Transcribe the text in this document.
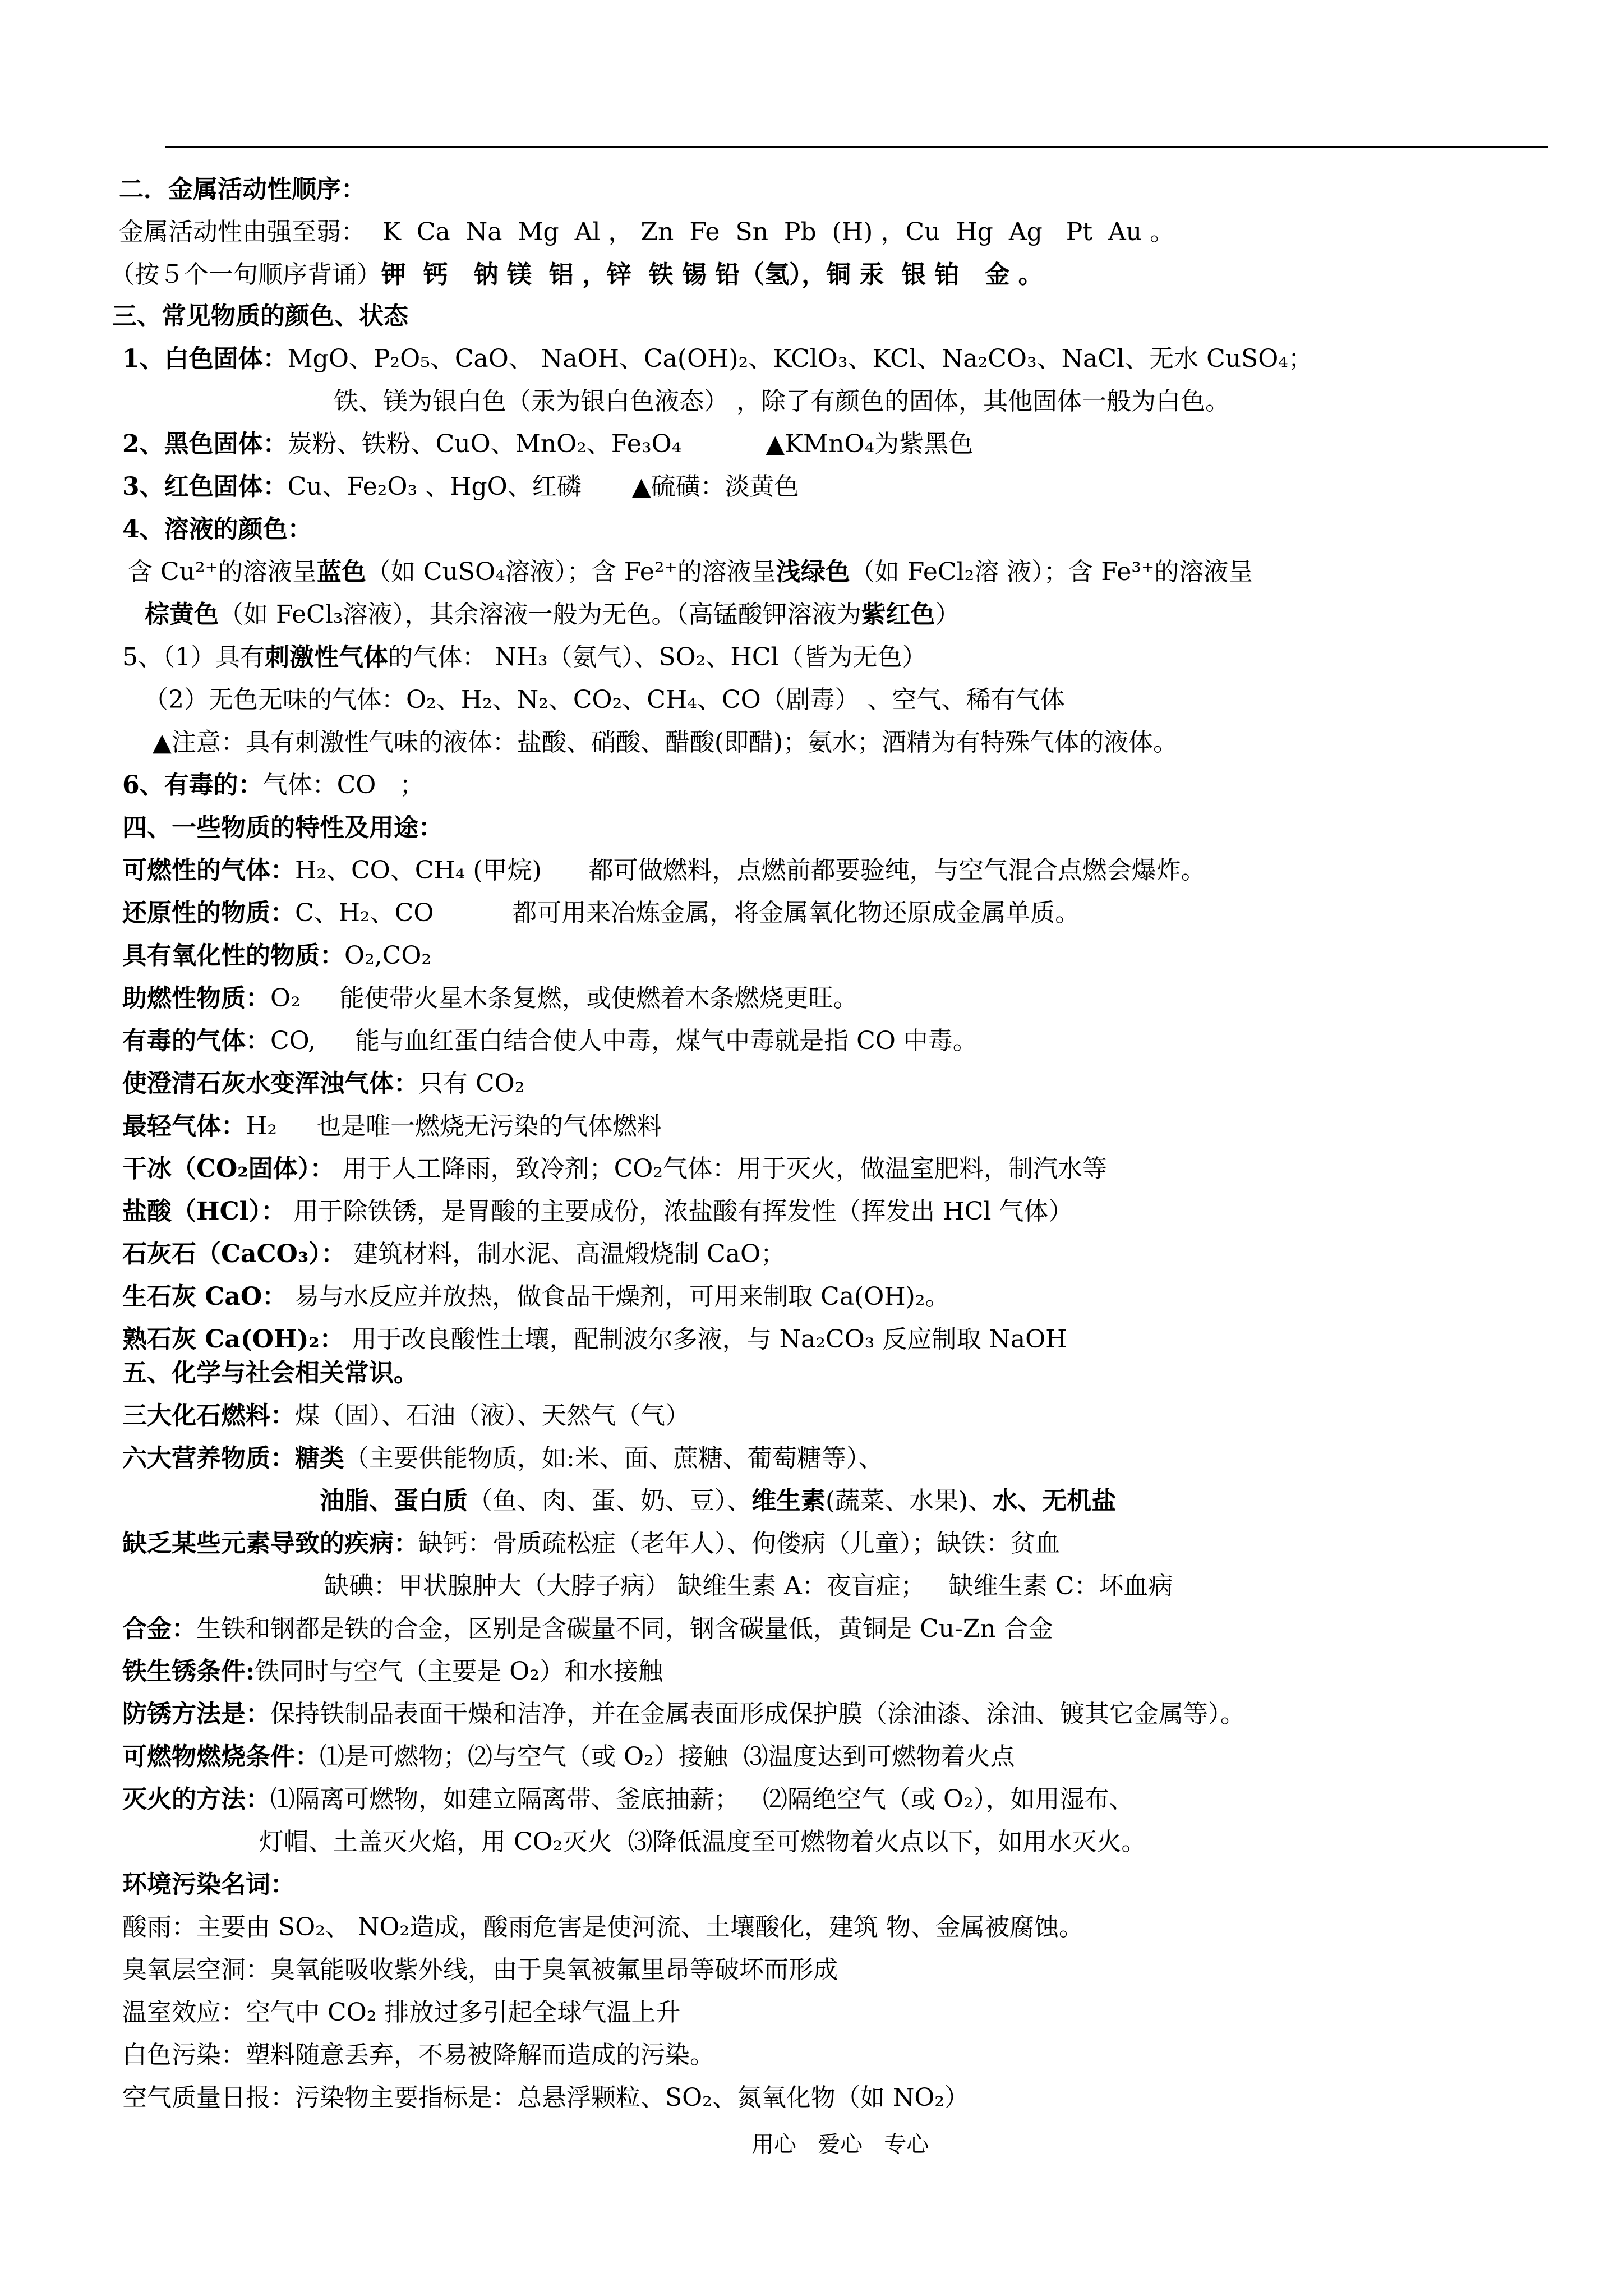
二．金属活动性顺序：
金属活动性由强至弱： K  Ca  Na  Mg  Al ， Zn  Fe  Sn  Pb  (H) ，Cu  Hg  Ag   Pt  Au 。
（按５个一句顺序背诵）钾  钙   钠 镁  铝 ，锌  铁 锡 铅（氢），铜 汞  银 铂   金 。
三、常见物质的颜色、状态
1、白色固体：MgO、P₂O₅、CaO、 NaOH、Ca(OH)₂、KClO₃、KCl、Na₂CO₃、NaCl、无水 CuSO₄；
铁、镁为银白色（汞为银白色液态） ，除了有颜色的固体，其他固体一般为白色。
2、黑色固体：炭粉、铁粉、CuO、MnO₂、Fe₃O₄	▲KMnO₄为紫黑色
3、红色固体：Cu、Fe₂O₃ 、HgO、红磷 ▲硫磺：淡黄色
4、溶液的颜色：
含 Cu²⁺的溶液呈蓝色（如 CuSO₄溶液）；含 Fe²⁺的溶液呈浅绿色（如 FeCl₂溶 液）；含 Fe³⁺的溶液呈
棕黄色（如 FeCl₃溶液），其余溶液一般为无色。（高锰酸钾溶液为紫红色）
5、（1）具有刺激性气体的气体： NH₃（氨气）、SO₂、HCl（皆为无色）
（2）无色无味的气体：O₂、H₂、N₂、CO₂、CH₄、CO（剧毒） 、空气、稀有气体
▲注意：具有刺激性气味的液体：盐酸、硝酸、醋酸(即醋)；氨水；酒精为有特殊气体的液体。
6、有毒的：气体：CO   ；
四、一些物质的特性及用途：
可燃性的气体：H₂、CO、CH₄ (甲烷)      都可做燃料，点燃前都要验纯，与空气混合点燃会爆炸。
还原性的物质：C、H₂、CO          都可用来冶炼金属，将金属氧化物还原成金属单质。
具有氧化性的物质：O₂,CO₂
助燃性物质：O₂     能使带火星木条复燃，或使燃着木条燃烧更旺。
有毒的气体：CO,     能与血红蛋白结合使人中毒，煤气中毒就是指 CO 中毒。
使澄清石灰水变浑浊气体：只有 CO₂
最轻气体：H₂     也是唯一燃烧无污染的气体燃料
干冰（CO₂固体）： 用于人工降雨，致冷剂；CO₂气体：用于灭火，做温室肥料，制汽水等
盐酸（HCl）： 用于除铁锈，是胃酸的主要成份，浓盐酸有挥发性（挥发出 HCl 气体）
石灰石（CaCO₃）： 建筑材料，制水泥、高温煅烧制 CaO；
生石灰 CaO： 易与水反应并放热，做食品干燥剂，可用来制取 Ca(OH)₂。
熟石灰 Ca(OH)₂： 用于改良酸性土壤，配制波尔多液，与 Na₂CO₃ 反应制取 NaOH
五、化学与社会相关常识。
三大化石燃料：煤（固）、石油（液）、天然气（气）
六大营养物质：糖类（主要供能物质，如:米、面、蔗糖、葡萄糖等）、
油脂、蛋白质（鱼、肉、蛋、奶、豆）、维生素(蔬菜、水果)、水、无机盐
缺乏某些元素导致的疾病：缺钙：骨质疏松症（老年人）、佝偻病（儿童）；缺铁：贫血
缺碘：甲状腺肿大（大脖子病） 缺维生素 A：夜盲症；   缺维生素 C：坏血病
合金：生铁和钢都是铁的合金，区别是含碳量不同，钢含碳量低，黄铜是 Cu-Zn 合金
铁生锈条件:铁同时与空气（主要是 O₂）和水接触
防锈方法是：保持铁制品表面干燥和洁净，并在金属表面形成保护膜（涂油漆、涂油、镀其它金属等）。
可燃物燃烧条件：⑴是可燃物；⑵与空气（或 O₂）接触  ⑶温度达到可燃物着火点
灭火的方法：⑴隔离可燃物，如建立隔离带、釜底抽薪；   ⑵隔绝空气（或 O₂），如用湿布、
灯帽、土盖灭火焰，用 CO₂灭火  ⑶降低温度至可燃物着火点以下，如用水灭火。
环境污染名词：
酸雨：主要由 SO₂、 NO₂造成，酸雨危害是使河流、土壤酸化，建筑 物、金属被腐蚀。
臭氧层空洞：臭氧能吸收紫外线，由于臭氧被氟里昂等破坏而形成
温室效应：空气中 CO₂ 排放过多引起全球气温上升
白色污染：塑料随意丢弃，不易被降解而造成的污染。
空气质量日报：污染物主要指标是：总悬浮颗粒、SO₂、氮氧化物（如 NO₂）
用心   爱心   专心
